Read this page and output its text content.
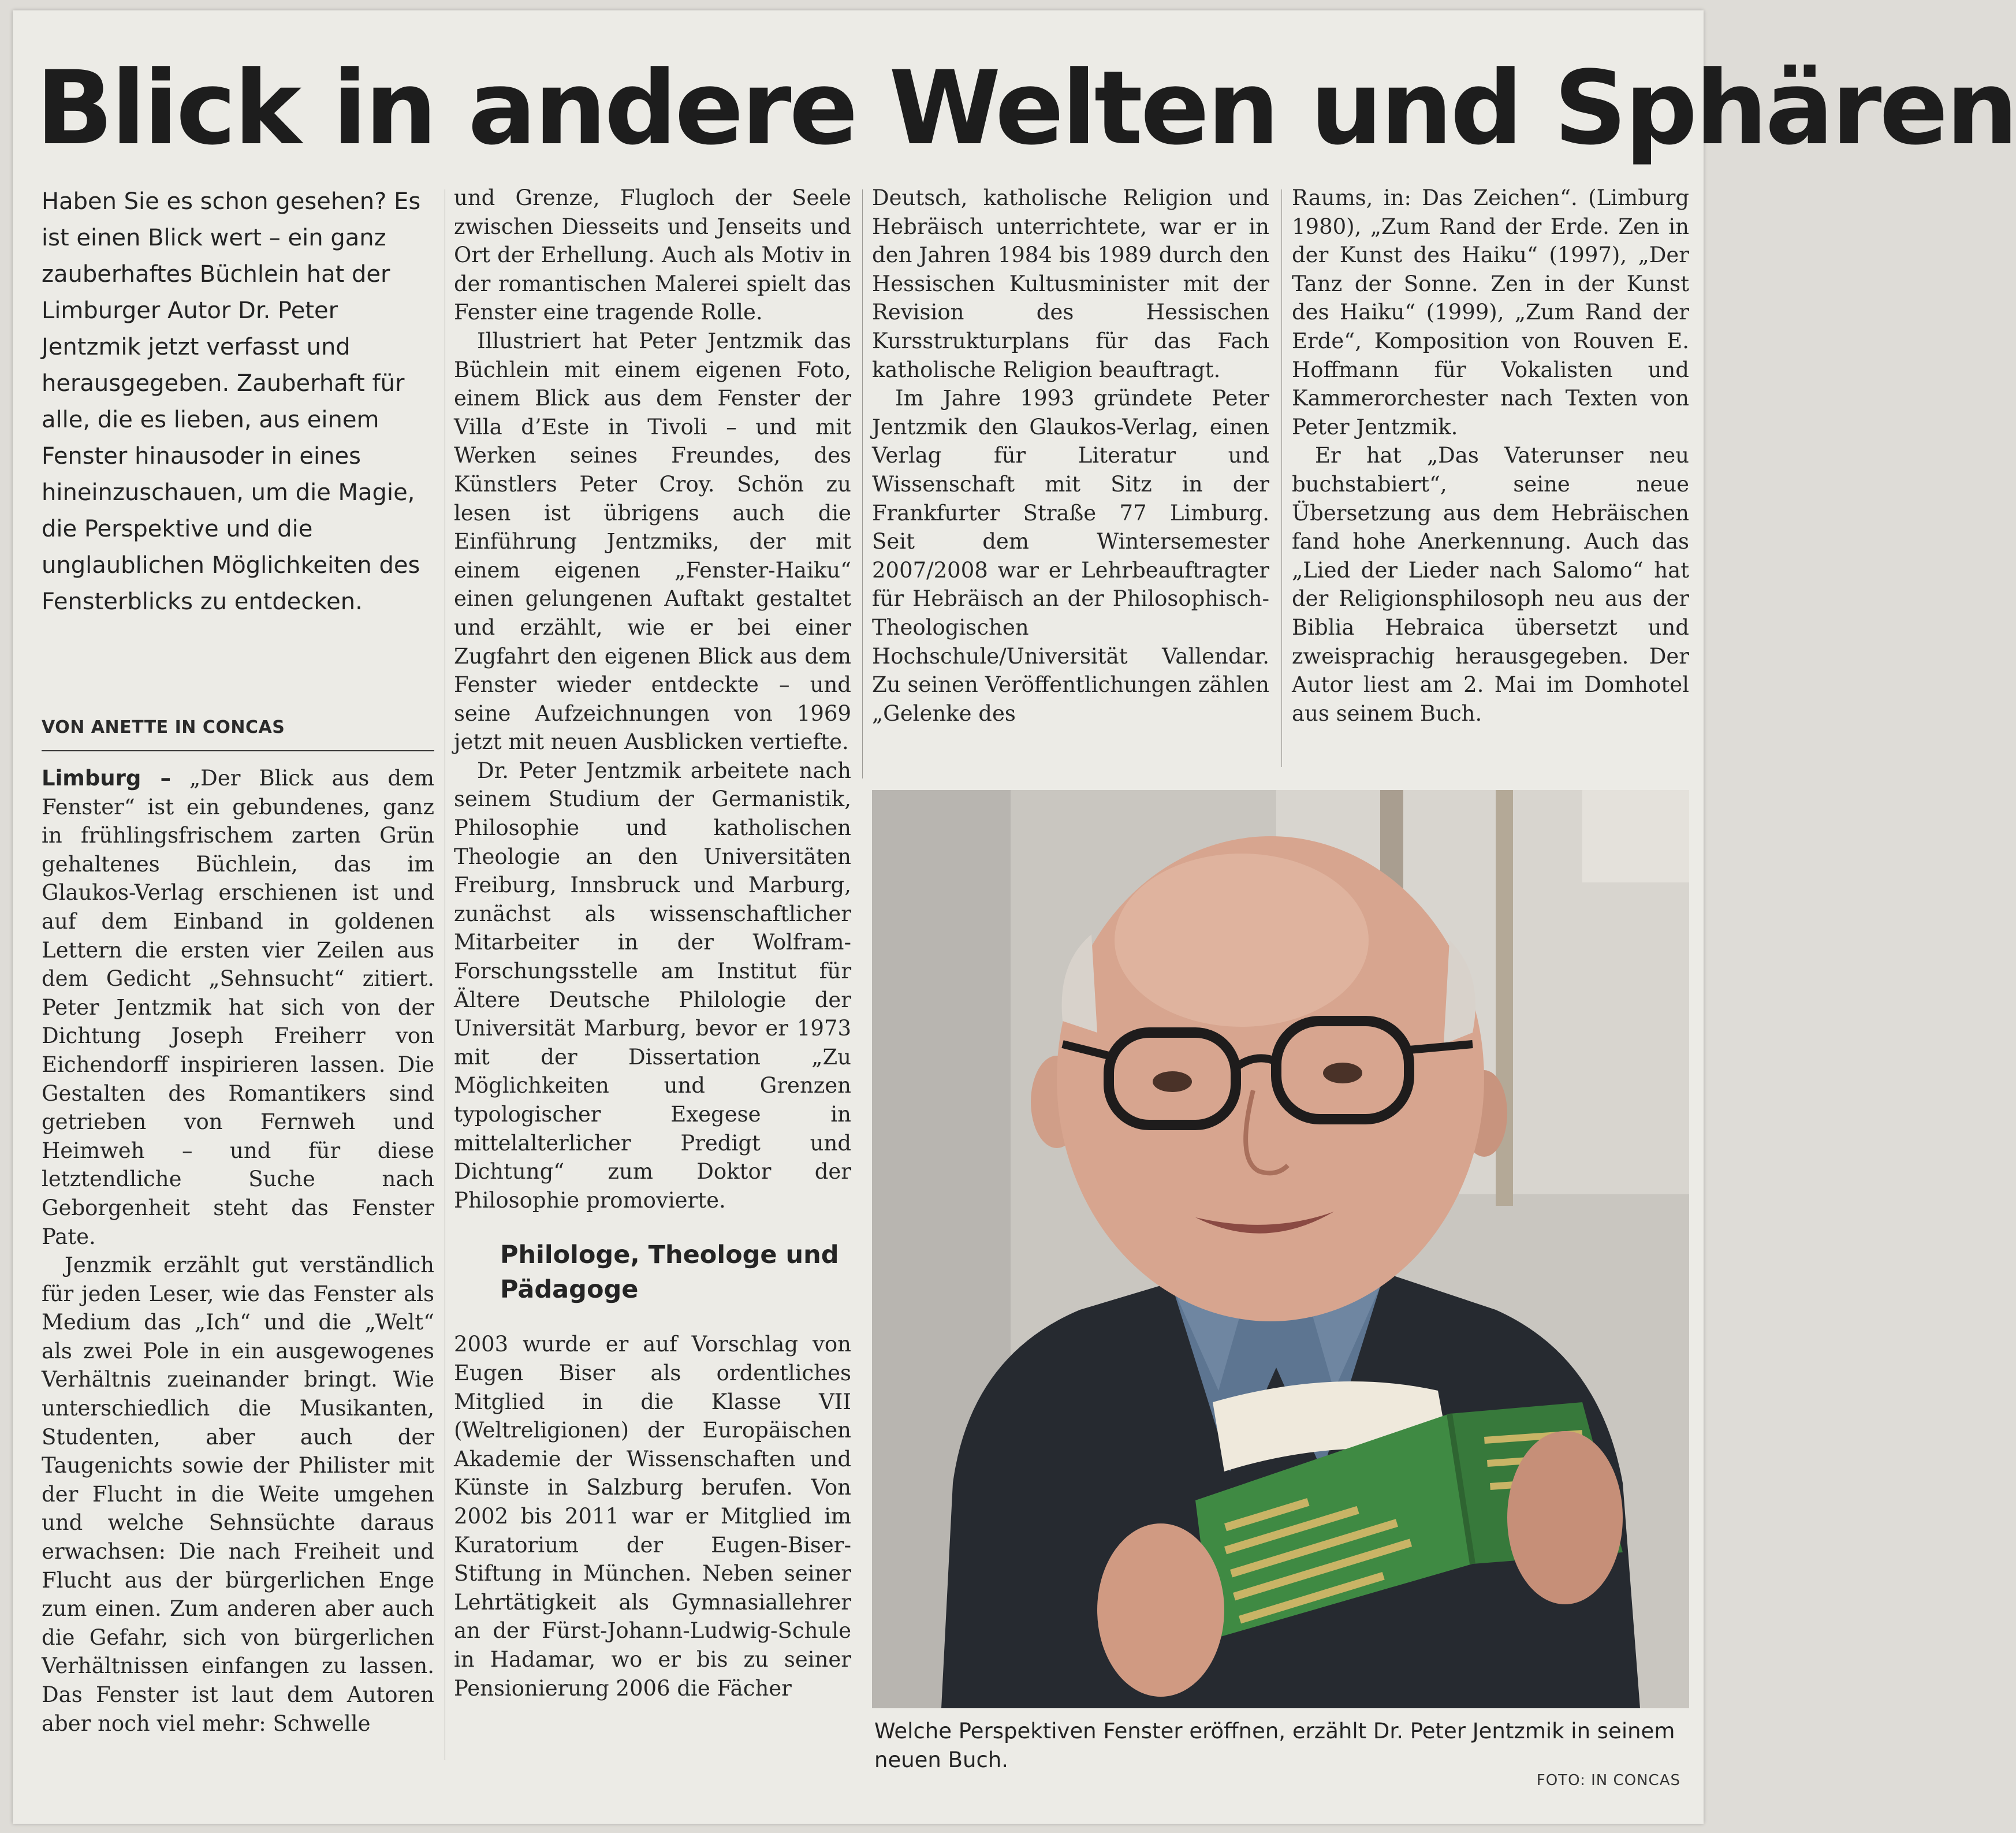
Blick in andere Welten und Sphären

Haben Sie es schon gesehen? Es ist einen Blick wert – ein ganz zauberhaftes Büchlein hat der Limburger Autor Dr. Peter Jentzmik jetzt verfasst und herausgegeben. Zauberhaft für alle, die es lieben, aus einem Fenster hinausoder in eines hineinzuschauen, um die Magie, die Perspektive und die unglaublichen Möglichkeiten des Fensterblicks zu entdecken.

VON ANETTE IN CONCAS

Limburg – „Der Blick aus dem Fenster“ ist ein gebundenes, ganz in frühlingsfrischem zarten Grün gehaltenes Büchlein, das im Glaukos-Verlag erschienen ist und auf dem Einband in goldenen Lettern die ersten vier Zeilen aus dem Gedicht „Sehnsucht“ zitiert. Peter Jentzmik hat sich von der Dichtung Joseph Freiherr von Eichendorff inspirieren lassen. Die Gestalten des Romantikers sind getrieben von Fernweh und Heimweh – und für diese letztendliche Suche nach Geborgenheit steht das Fenster Pate.

Jenzmik erzählt gut verständlich für jeden Leser, wie das Fenster als Medium das „Ich“ und die „Welt“ als zwei Pole in ein ausgewogenes Verhältnis zueinander bringt. Wie unterschiedlich die Musikanten, Studenten, aber auch der Taugenichts sowie der Philister mit der Flucht in die Weite umgehen und welche Sehnsüchte daraus erwachsen: Die nach Freiheit und Flucht aus der bürgerlichen Enge zum einen. Zum anderen aber auch die Gefahr, sich von bürgerlichen Verhältnissen einfangen zu lassen. Das Fenster ist laut dem Autoren aber noch viel mehr: Schwelle

und Grenze, Flugloch der Seele zwischen Diesseits und Jenseits und Ort der Erhellung. Auch als Motiv in der romantischen Malerei spielt das Fenster eine tragende Rolle.

Illustriert hat Peter Jentzmik das Büchlein mit einem eigenen Foto, einem Blick aus dem Fenster der Villa d’Este in Tivoli – und mit Werken seines Freundes, des Künstlers Peter Croy. Schön zu lesen ist übrigens auch die Einführung Jentzmiks, der mit einem eigenen „Fenster-Haiku“ einen gelungenen Auftakt gestaltet und erzählt, wie er bei einer Zugfahrt den eigenen Blick aus dem Fenster wieder entdeckte – und seine Aufzeichnungen von 1969 jetzt mit neuen Ausblicken vertiefte.

Dr. Peter Jentzmik arbeitete nach seinem Studium der Germanistik, Philosophie und katholischen Theologie an den Universitäten Freiburg, Innsbruck und Marburg, zunächst als wissenschaftlicher Mitarbeiter in der Wolfram-Forschungsstelle am Institut für Ältere Deutsche Philologie der Universität Marburg, bevor er 1973 mit der Dissertation „Zu Möglichkeiten und Grenzen typologischer Exegese in mittelalterlicher Predigt und Dichtung“ zum Doktor der Philosophie promovierte.

Philologe, Theologe und Pädagoge

2003 wurde er auf Vorschlag von Eugen Biser als ordentliches Mitglied in die Klasse VII (Weltreligionen) der Europäischen Akademie der Wissenschaften und Künste in Salzburg berufen. Von 2002 bis 2011 war er Mitglied im Kuratorium der Eugen-Biser-Stiftung in München. Neben seiner Lehrtätigkeit als Gymnasiallehrer an der Fürst-Johann-Ludwig-Schule in Hadamar, wo er bis zu seiner Pensionierung 2006 die Fächer

Deutsch, katholische Religion und Hebräisch unterrichtete, war er in den Jahren 1984 bis 1989 durch den Hessischen Kultusminister mit der Revision des Hessischen Kursstrukturplans für das Fach katholische Religion beauftragt.

Im Jahre 1993 gründete Peter Jentzmik den Glaukos-Verlag, einen Verlag für Literatur und Wissenschaft mit Sitz in der Frankfurter Straße 77 Limburg. Seit dem Wintersemester 2007/2008 war er Lehrbeauftragter für Hebräisch an der Philosophisch-Theologischen Hochschule/Universität Vallendar. Zu seinen Veröffentlichungen zählen „Gelenke des

Raums, in: Das Zeichen“. (Limburg 1980), „Zum Rand der Erde. Zen in der Kunst des Haiku“ (1997), „Der Tanz der Sonne. Zen in der Kunst des Haiku“ (1999), „Zum Rand der Erde“, Komposition von Rouven E. Hoffmann für Vokalisten und Kammerorchester nach Texten von Peter Jentzmik.

Er hat „Das Vaterunser neu buchstabiert“, seine neue Übersetzung aus dem Hebräischen fand hohe Anerkennung. Auch das „Lied der Lieder nach Salomo“ hat der Religionsphilosoph neu aus der Biblia Hebraica übersetzt und zweisprachig herausgegeben. Der Autor liest am 2. Mai im Domhotel aus seinem Buch.

Welche Perspektiven Fenster eröffnen, erzählt Dr. Peter Jentzmik in seinem neuen Buch.
FOTO: IN CONCAS
